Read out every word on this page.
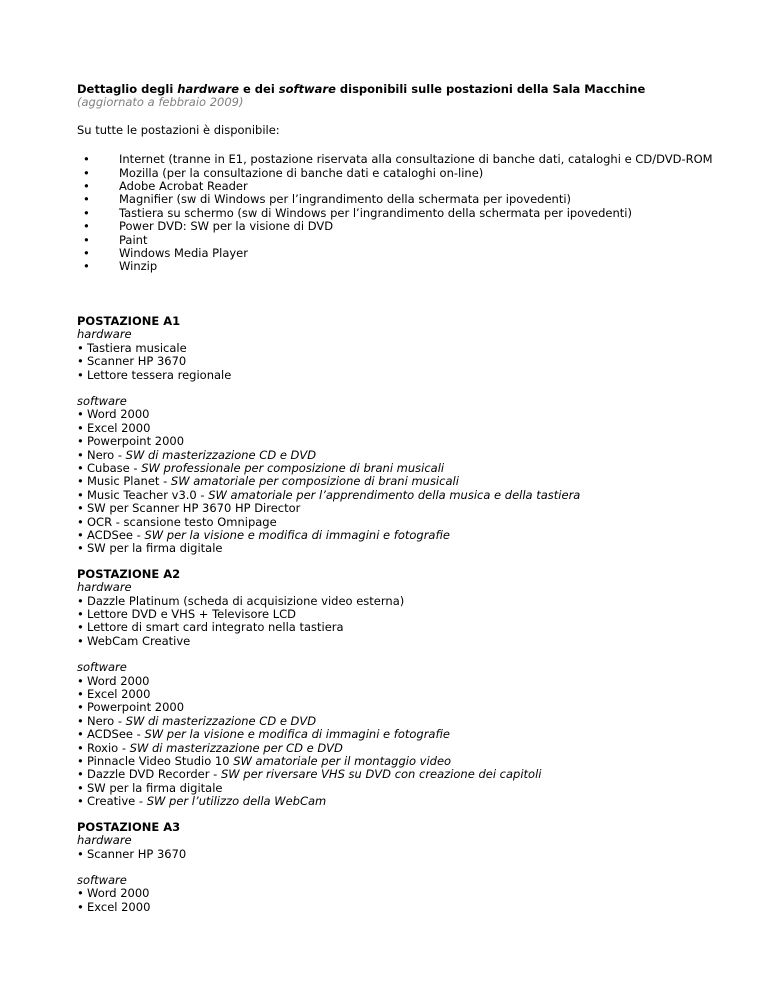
Dettaglio degli hardware e dei software disponibili sulle postazioni della Sala Macchine

(aggiornato a febbraio 2009)

Su tutte le postazioni è disponibile:

• Internet (tranne in E1, postazione riservata alla consultazione di banche dati, cataloghi e CD/DVD-ROM
• Mozilla (per la consultazione di banche dati e cataloghi on-line)
• Adobe Acrobat Reader
• Magnifier (sw di Windows per l’ingrandimento della schermata per ipovedenti)
• Tastiera su schermo (sw di Windows per l’ingrandimento della schermata per ipovedenti)
• Power DVD: SW per la visione di DVD
• Paint
• Windows Media Player
• Winzip

POSTAZIONE A1

hardware

• Tastiera musicale
• Scanner HP 3670
• Lettore tessera regionale

software

• Word 2000
• Excel 2000
• Powerpoint 2000
• Nero - SW di masterizzazione CD e DVD
• Cubase - SW professionale per composizione di brani musicali
• Music Planet - SW amatoriale per composizione di brani musicali
• Music Teacher v3.0 - SW amatoriale per l’apprendimento della musica e della tastiera
• SW per Scanner HP 3670 HP Director
• OCR - scansione testo Omnipage
• ACDSee - SW per la visione e modifica di immagini e fotografie
• SW per la firma digitale

POSTAZIONE A2

hardware

• Dazzle Platinum (scheda di acquisizione video esterna)
• Lettore DVD e VHS + Televisore LCD
• Lettore di smart card integrato nella tastiera
• WebCam Creative

software

• Word 2000
• Excel 2000
• Powerpoint 2000
• Nero - SW di masterizzazione CD e DVD
• ACDSee - SW per la visione e modifica di immagini e fotografie
• Roxio - SW di masterizzazione per CD e DVD
• Pinnacle Video Studio 10 SW amatoriale per il montaggio video
• Dazzle DVD Recorder - SW per riversare VHS su DVD con creazione dei capitoli
• SW per la firma digitale
• Creative - SW per l’utilizzo della WebCam

POSTAZIONE A3

hardware

• Scanner HP 3670

software

• Word 2000
• Excel 2000
